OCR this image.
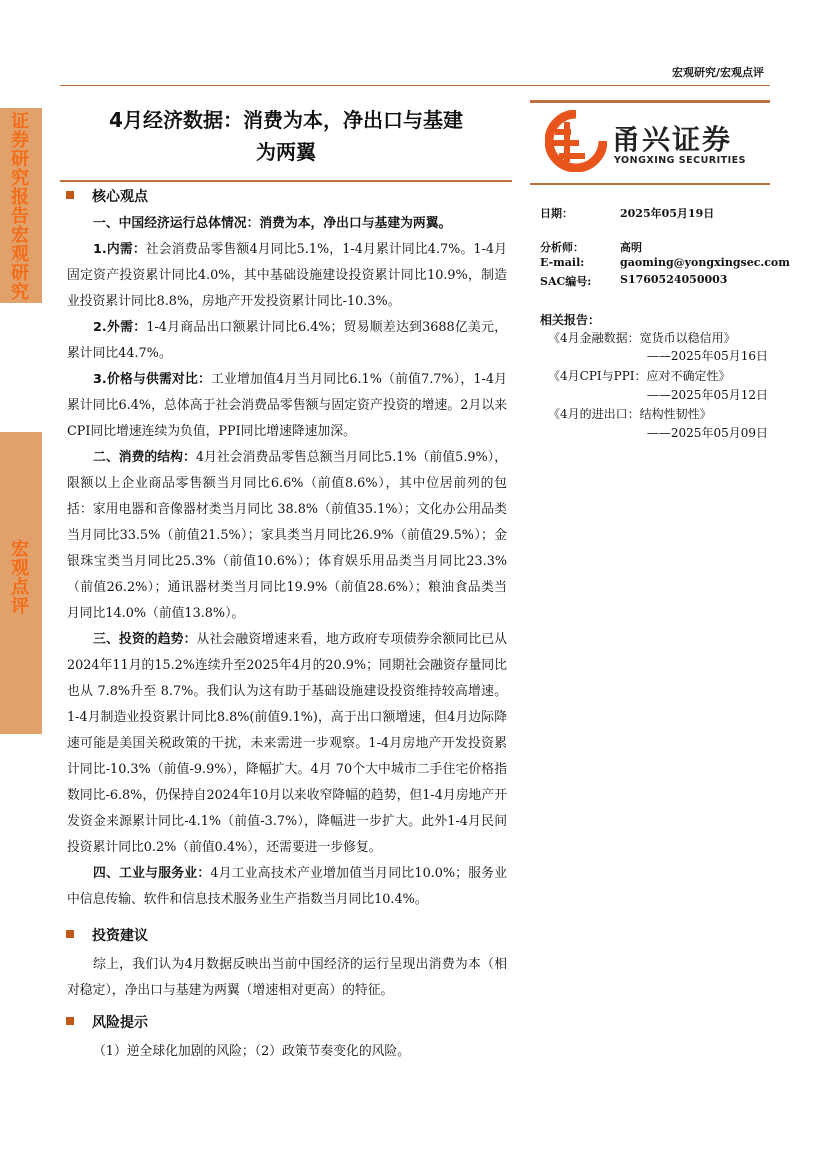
宏观研究/宏观点评
证券研究报告 宏观研究
宏观点评
4月经济数据：消费为本，净出口与基建
为两翼	甬兴证券
YONGXING SECURITIES
日期：	2025年05月19日
分析师：	高明
E-mail:	gaoming@yongxingsec.com
SAC编号:	S1760524050003
相关报告：
《4月金融数据：宽货币以稳信用》
——2025年05月16日
《4月CPI与PPI：应对不确定性》
——2025年05月12日
《4月的进出口：结构性韧性》
——2025年05月09日
核心观点

一、中国经济运行总体情况：消费为本，净出口与基建为两翼。

1.内需：社会消费品零售额4月同比5.1%，1-4月累计同比4.7%。1-4月固定资产投资累计同比4.0%，其中基础设施建设投资累计同比10.9%，制造业投资累计同比8.8%，房地产开发投资累计同比-10.3%。

2.外需：1-4月商品出口额累计同比6.4%；贸易顺差达到3688亿美元，累计同比44.7%。

3.价格与供需对比：工业增加值4月当月同比6.1%（前值7.7%），1-4月累计同比6.4%，总体高于社会消费品零售额与固定资产投资的增速。2月以来CPI同比增速连续为负值，PPI同比增速降速加深。

二、消费的结构：4月社会消费品零售总额当月同比5.1%（前值5.9%），限额以上企业商品零售额当月同比6.6%（前值8.6%），其中位居前列的包括：家用电器和音像器材类当月同比 38.8%（前值35.1%）；文化办公用品类当月同比33.5%（前值21.5%）；家具类当月同比26.9%（前值29.5%）；金银珠宝类当月同比25.3%（前值10.6%）；体育娱乐用品类当月同比23.3%（前值26.2%）；通讯器材类当月同比19.9%（前值28.6%）；粮油食品类当月同比14.0%（前值13.8%）。

三、投资的趋势：从社会融资增速来看，地方政府专项债券余额同比已从2024年11月的15.2%连续升至2025年4月的20.9%；同期社会融资存量同比也从 7.8%升至 8.7%。我们认为这有助于基础设施建设投资维持较高增速。1-4月制造业投资累计同比8.8%(前值9.1%)，高于出口额增速，但4月边际降速可能是美国关税政策的干扰，未来需进一步观察。1-4月房地产开发投资累计同比-10.3%（前值-9.9%），降幅扩大。4月 70个大中城市二手住宅价格指数同比-6.8%，仍保持自2024年10月以来收窄降幅的趋势，但1-4月房地产开发资金来源累计同比-4.1%（前值-3.7%），降幅进一步扩大。此外1-4月民间投资累计同比0.2%（前值0.4%），还需要进一步修复。

四、工业与服务业：4月工业高技术产业增加值当月同比10.0%；服务业中信息传输、软件和信息技术服务业生产指数当月同比10.4%。

投资建议

综上，我们认为4月数据反映出当前中国经济的运行呈现出消费为本（相对稳定），净出口与基建为两翼（增速相对更高）的特征。

风险提示

（1）逆全球化加剧的风险；（2）政策节奏变化的风险。
